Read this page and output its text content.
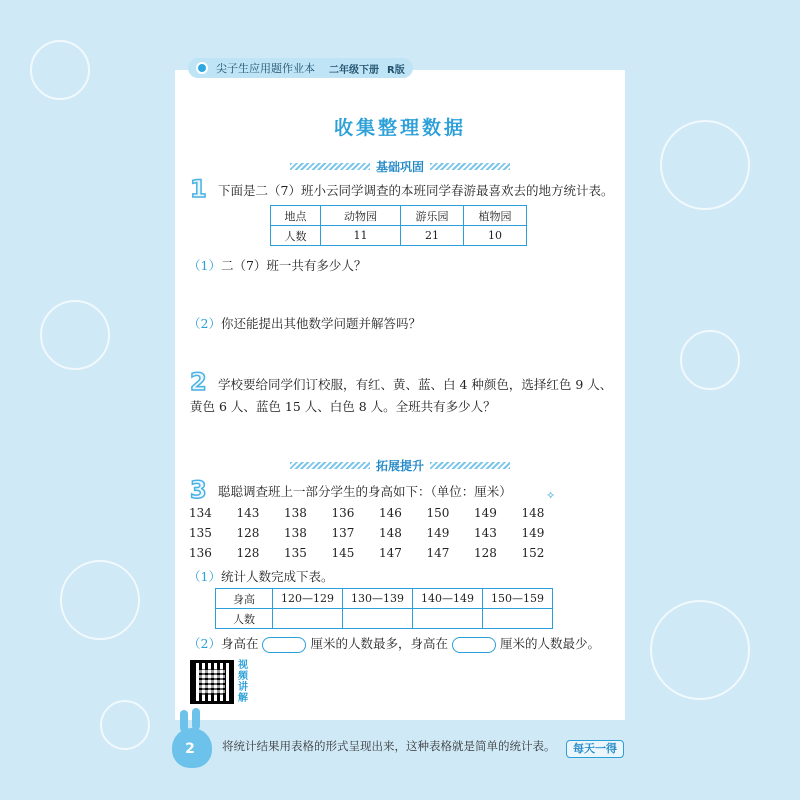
尖子生应用题作业本 二年级下册 R版
收集整理数据
基础巩固
1 下面是二（7）班小云同学调查的本班同学春游最喜欢去的地方统计表。
地点	动物园	游乐园	植物园
人数	11	21	10
（1）二（7）班一共有多少人？
（2）你还能提出其他数学问题并解答吗？
2 学校要给同学们订校服，有红、黄、蓝、白 4 种颜色，选择红色 9 人、
黄色 6 人、蓝色 15 人、白色 8 人。全班共有多少人？
拓展提升
3 聪聪调查班上一部分学生的身高如下：（单位：厘米）	✧
134	143	138	136	146	150	149	148
135	128	138	137	148	149	143	149
136	128	135	145	147	147	128	152
（1）统计人数完成下表。
身高	120—129	130—139	140—149	150—159
人数				
（2）身高在	厘米的人数最多，身高在	厘米的人数最少。
视频讲解
2	将统计结果用表格的形式呈现出来，这种表格就是简单的统计表。	每天一得
